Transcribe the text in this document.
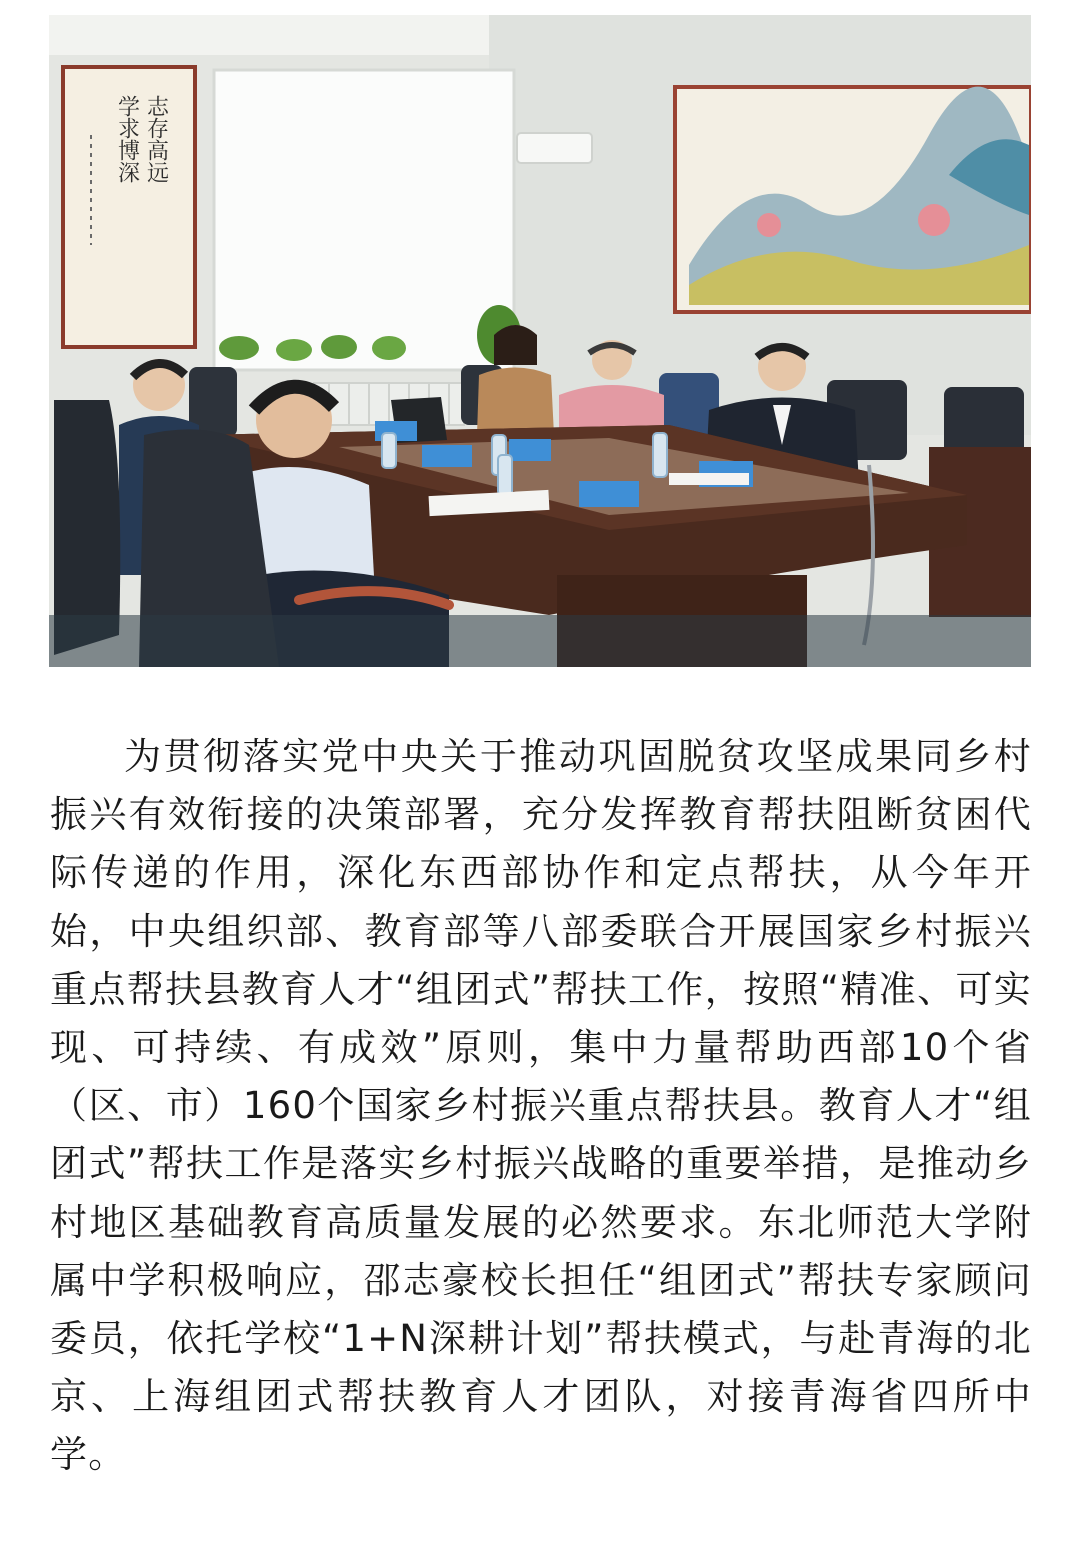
志存高远
学求博深

为贯彻落实党中央关于推动巩固脱贫攻坚成果同乡村振兴有效衔接的决策部署，充分发挥教育帮扶阻断贫困代际传递的作用，深化东西部协作和定点帮扶，从今年开始，中央组织部、教育部等八部委联合开展国家乡村振兴重点帮扶县教育人才“组团式”帮扶工作，按照“精准、可实现、可持续、有成效”原则，集中力量帮助西部10个省（区、市）160个国家乡村振兴重点帮扶县。教育人才“组团式”帮扶工作是落实乡村振兴战略的重要举措，是推动乡村地区基础教育高质量发展的必然要求。东北师范大学附属中学积极响应，邵志豪校长担任“组团式”帮扶专家顾问委员，依托学校“1+N深耕计划”帮扶模式，与赴青海的北京、上海组团式帮扶教育人才团队，对接青海省四所中学。
